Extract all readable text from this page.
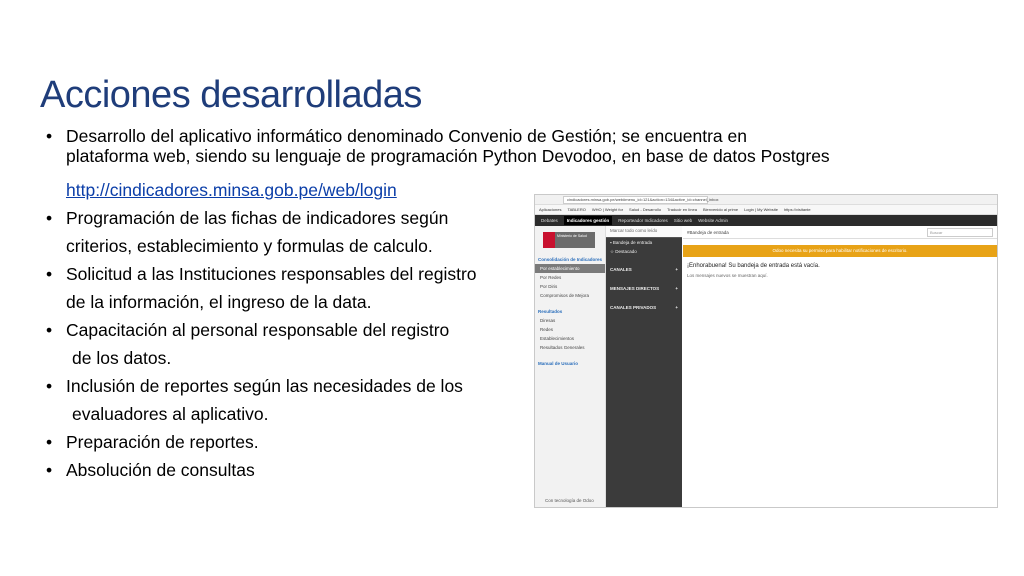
Acciones desarrolladas
• Desarrollo del aplicativo informático denominado Convenio de Gestión; se encuentra en
plataforma web, siendo su lenguaje de programación Python Devodoo, en base de datos Postgres
http://cindicadores.minsa.gob.pe/web/login
• Programación de las fichas de indicadores según
criterios, establecimiento y formulas de calculo.
• Solicitud a las Instituciones responsables del registro
de la información, el ingreso de la data.
• Capacitación al personal responsable del registro
de los datos.
• Inclusión de reportes según las necesidades de los
evaluadores al aplicativo.
• Preparación de reportes.
• Absolución de consultas
cindicadores.minsa.gob.pe/web#menu_id=121&action=134&active_id=channel_inbox
Aplicaciones TABLERO WHO | Weight for Salud - Desarrollo Traducir en línea Bienvenido al prime Login | My Website https://visitante
Debates	Indicadores gestión	Reporteador Indicadores Sitio web Website Admin
Ministerio de Salud
Consolidación de Indicadores
Por establecimiento
Por Redes
Por Diris
Compromisos de Mejora
Resultados
Diresas
Redes
Establecimientos
Resultados Generales
Manual de Usuario
Con tecnología de Odoo
Marcar todo como leído
▪ Bandeja de entrada
☆ Destacado
CANALES	+
MENSAJES DIRECTOS	+
CANALES PRIVADOS	+
#Bandeja de entrada	Buscar
Odoo necesita su permiso para habilitar notificaciones de escritorio.
¡Enhorabuena! Su bandeja de entrada está vacía.
Los mensajes nuevos se muestran aquí.
